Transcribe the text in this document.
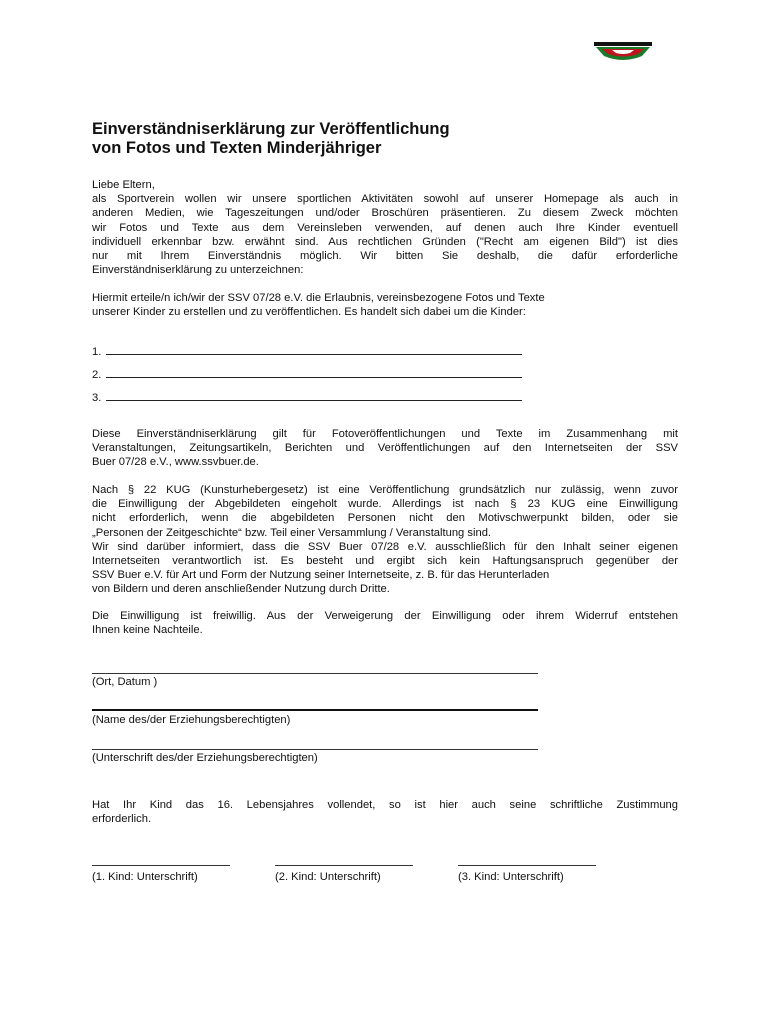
Einverständniserklärung zur Veröffentlichung
von Fotos und Texten Minderjähriger
Liebe Eltern,
als Sportverein wollen wir unsere sportlichen Aktivitäten sowohl auf unserer Homepage als auch in
anderen Medien, wie Tageszeitungen und/oder Broschüren präsentieren. Zu diesem Zweck möchten
wir Fotos und Texte aus dem Vereinsleben verwenden, auf denen auch Ihre Kinder eventuell
individuell erkennbar bzw. erwähnt sind. Aus rechtlichen Gründen ("Recht am eigenen Bild") ist dies
nur mit Ihrem Einverständnis möglich. Wir bitten Sie deshalb, die dafür erforderliche
Einverständniserklärung zu unterzeichnen:
Hiermit erteile/n ich/wir der SSV 07/28 e.V. die Erlaubnis, vereinsbezogene Fotos und Texte
unserer Kinder zu erstellen und zu veröffentlichen. Es handelt sich dabei um die Kinder:
1.
2.
3.
Diese Einverständniserklärung gilt für Fotoveröffentlichungen und Texte im Zusammenhang mit
Veranstaltungen, Zeitungsartikeln, Berichten und Veröffentlichungen auf den Internetseiten der SSV
Buer 07/28 e.V., www.ssvbuer.de.
Nach § 22 KUG (Kunsturhebergesetz) ist eine Veröffentlichung grundsätzlich nur zulässig, wenn zuvor
die Einwilligung der Abgebildeten eingeholt wurde. Allerdings ist nach § 23 KUG eine Einwilligung
nicht erforderlich, wenn die abgebildeten Personen nicht den Motivschwerpunkt bilden, oder sie
„Personen der Zeitgeschichte“ bzw. Teil einer Versammlung / Veranstaltung sind.
Wir sind darüber informiert, dass die SSV Buer 07/28 e.V. ausschließlich für den Inhalt seiner eigenen
Internetseiten verantwortlich ist. Es besteht und ergibt sich kein Haftungsanspruch gegenüber der
SSV Buer e.V. für Art und Form der Nutzung seiner Internetseite, z. B. für das Herunterladen
von Bildern und deren anschließender Nutzung durch Dritte.
Die Einwilligung ist freiwillig. Aus der Verweigerung der Einwilligung oder ihrem Widerruf entstehen
Ihnen keine Nachteile.
(Ort, Datum )
(Name des/der Erziehungsberechtigten)
(Unterschrift des/der Erziehungsberechtigten)
Hat Ihr Kind das 16. Lebensjahres vollendet, so ist hier auch seine schriftliche Zustimmung
erforderlich.
(1. Kind: Unterschrift)	(2. Kind: Unterschrift)	(3. Kind: Unterschrift)
